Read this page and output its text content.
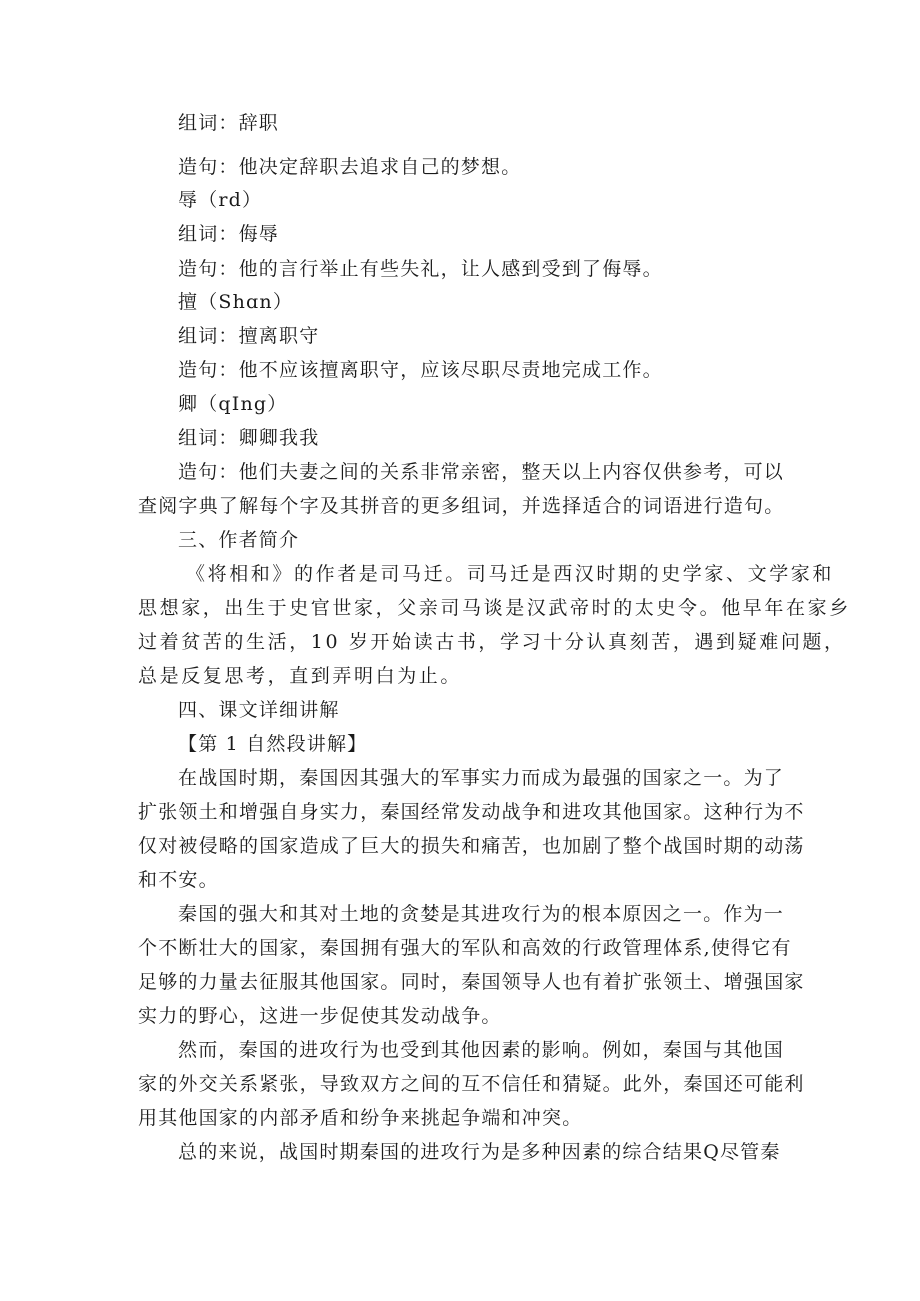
组词：辞职
造句：他决定辞职去追求自己的梦想。
辱（rd）
组词：侮辱
造句：他的言行举止有些失礼，让人感到受到了侮辱。
擅（Shɑn）
组词：擅离职守
造句：他不应该擅离职守，应该尽职尽责地完成工作。
卿（qIng）
组词：卿卿我我
造句：他们夫妻之间的关系非常亲密，整天以上内容仅供参考，可以
查阅字典了解每个字及其拼音的更多组词，并选择适合的词语进行造句。
三、作者简介
《将相和》的作者是司马迁。司马迁是西汉时期的史学家、文学家和
思想家，出生于史官世家，父亲司马谈是汉武帝时的太史令。他早年在家乡
过着贫苦的生活，10 岁开始读古书，学习十分认真刻苦，遇到疑难问题，
总是反复思考，直到弄明白为止。
四、课文详细讲解
【第 1 自然段讲解】
在战国时期，秦国因其强大的军事实力而成为最强的国家之一。为了
扩张领土和增强自身实力，秦国经常发动战争和进攻其他国家。这种行为不
仅对被侵略的国家造成了巨大的损失和痛苦，也加剧了整个战国时期的动荡
和不安。
秦国的强大和其对土地的贪婪是其进攻行为的根本原因之一。作为一
个不断壮大的国家，秦国拥有强大的军队和高效的行政管理体系,使得它有
足够的力量去征服其他国家。同时，秦国领导人也有着扩张领土、增强国家
实力的野心，这进一步促使其发动战争。
然而，秦国的进攻行为也受到其他因素的影响。例如，秦国与其他国
家的外交关系紧张，导致双方之间的互不信任和猜疑。此外，秦国还可能利
用其他国家的内部矛盾和纷争来挑起争端和冲突。
总的来说，战国时期秦国的进攻行为是多种因素的综合结果Q尽管秦
